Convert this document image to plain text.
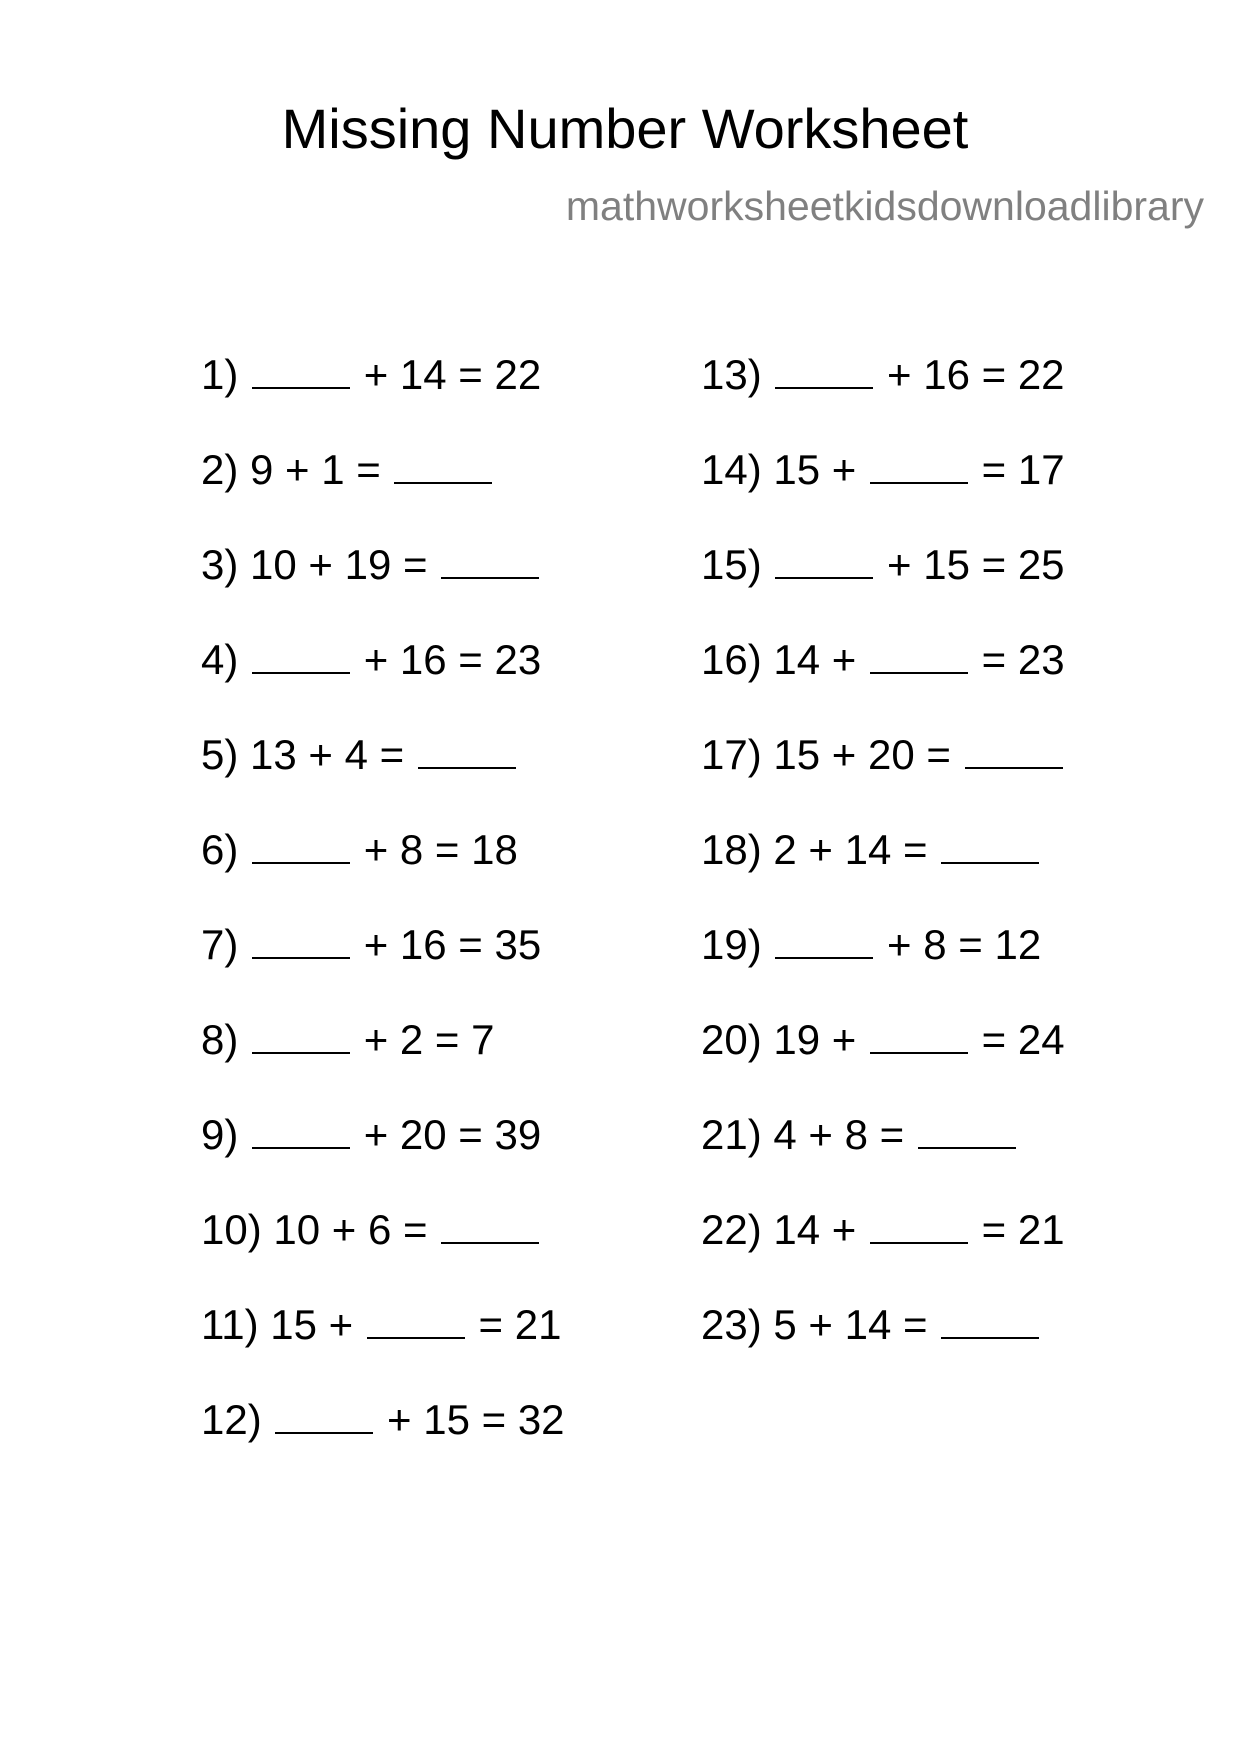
Missing Number Worksheet
mathworksheetkidsdownloadlibrary
1)	+ 14 = 22
2) 9 + 1 =
3) 10 + 19 =
4)	+ 16 = 23
5) 13 + 4 =
6)	+ 8 = 18
7)	+ 16 = 35
8)	+ 2 = 7
9)	+ 20 = 39
10) 10 + 6 =
11) 15 +	= 21
12)	+ 15 = 32
13)	+ 16 = 22
14) 15 +	= 17
15)	+ 15 = 25
16) 14 +	= 23
17) 15 + 20 =
18) 2 + 14 =
19)	+ 8 = 12
20) 19 +	= 24
21) 4 + 8 =
22) 14 +	= 21
23) 5 + 14 =
